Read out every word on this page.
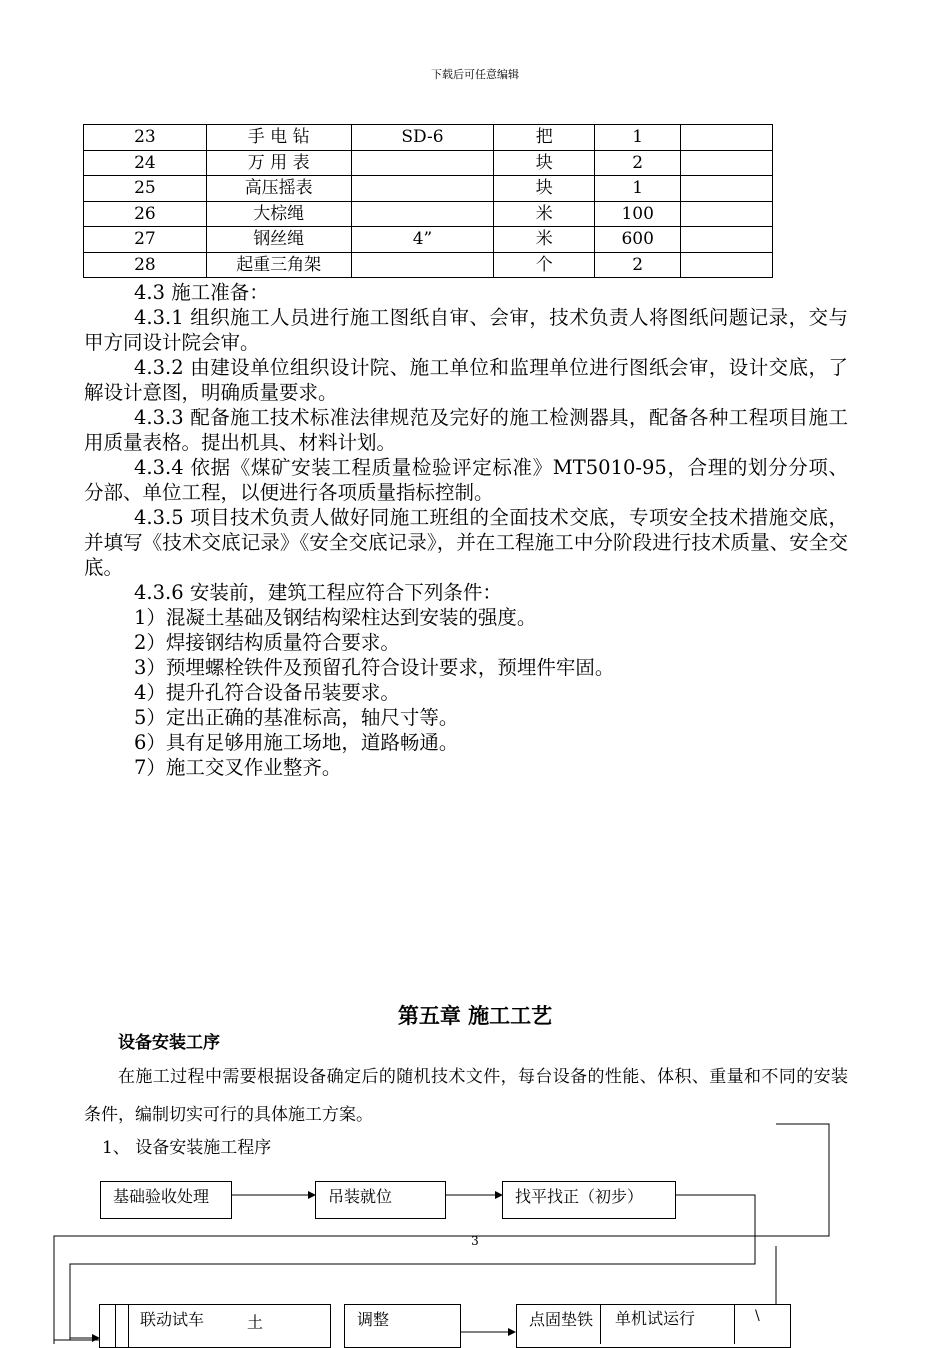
下载后可任意编辑
23	手 电 钻	SD-6	把	1	
24	万 用 表		块	2	
25	高压摇表		块	1	
26	大棕绳		米	100	
27	钢丝绳	4”	米	600	
28	起重三角架		个	2	

4.3 施工准备：

4.3.1 组织施工人员进行施工图纸自审、会审，技术负责人将图纸问题记录，交与甲方同设计院会审。

4.3.2 由建设单位组织设计院、施工单位和监理单位进行图纸会审，设计交底，了解设计意图，明确质量要求。

4.3.3 配备施工技术标准法律规范及完好的施工检测器具，配备各种工程项目施工用质量表格。提出机具、材料计划。

4.3.4 依据《煤矿安装工程质量检验评定标准》MT5010-95，合理的划分分项、分部、单位工程，以便进行各项质量指标控制。

4.3.5 项目技术负责人做好同施工班组的全面技术交底，专项安全技术措施交底，并填写《技术交底记录》《安全交底记录》，并在工程施工中分阶段进行技术质量、安全交底。

4.3.6 安装前，建筑工程应符合下列条件：

1）混凝土基础及钢结构梁柱达到安装的强度。

2）焊接钢结构质量符合要求。

3）预埋螺栓铁件及预留孔符合设计要求，预埋件牢固。

4）提升孔符合设备吊装要求。

5）定出正确的基准标高，轴尺寸等。

6）具有足够用施工场地，道路畅通。

7）施工交叉作业整齐。

第五章 施工工艺
设备安装工序

在施工过程中需要根据设备确定后的随机技术文件，每台设备的性能、体积、重量和不同的安装条件，编制切实可行的具体施工方案。

1、 设备安装施工程序
基础验收处理	吊装就位	找平找正（初步）
3
联动试车	土	调整	点固垫铁	单机试运行	\
